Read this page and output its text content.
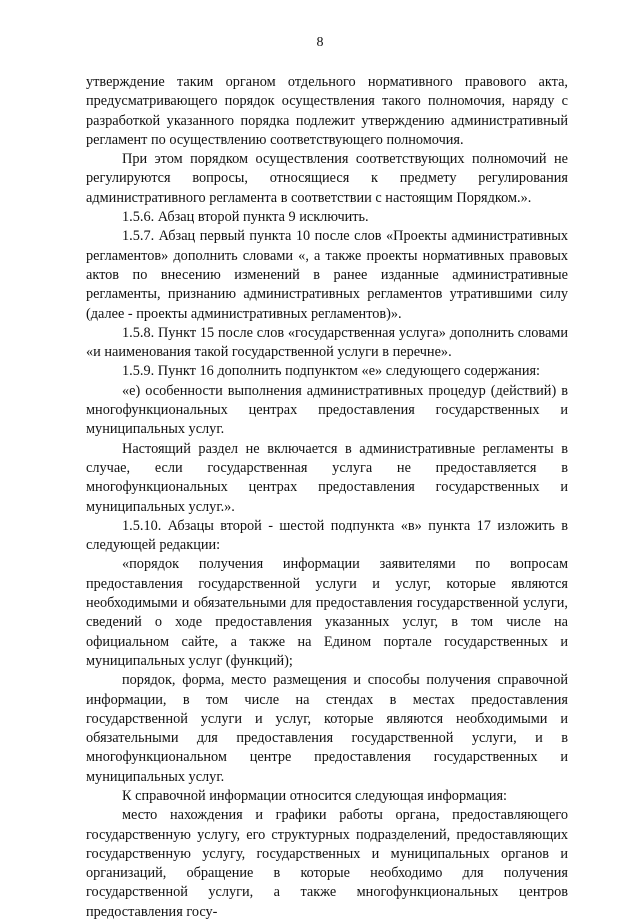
8

утверждение таким органом отдельного нормативного правового акта, предусматривающего порядок осуществления такого полномочия, наряду с разработкой указанного порядка подлежит утверждению административный регламент по осуществлению соответствующего полномочия.

При этом порядком осуществления соответствующих полномочий не регулируются вопросы, относящиеся к предмету регулирования административного регламента в соответствии с настоящим Порядком.».

1.5.6. Абзац второй пункта 9 исключить.

1.5.7. Абзац первый пункта 10 после слов «Проекты административных регламентов» дополнить словами «, а также проекты нормативных правовых актов по внесению изменений в ранее изданные административные регламенты, признанию административных регламентов утратившими силу (далее - проекты административных регламентов)».

1.5.8. Пункт 15 после слов «государственная услуга» дополнить словами «и наименования такой государственной услуги в перечне».

1.5.9. Пункт 16 дополнить подпунктом «е» следующего содержания:

«е) особенности выполнения административных процедур (действий) в многофункциональных центрах предоставления государственных и муниципальных услуг.

Настоящий раздел не включается в административные регламенты в случае, если государственная услуга не предоставляется в многофункциональных центрах предоставления государственных и муниципальных услуг.».

1.5.10. Абзацы второй - шестой подпункта «в» пункта 17 изложить в следующей редакции:

«порядок получения информации заявителями по вопросам предоставления государственной услуги и услуг, которые являются необходимыми и обязательными для предоставления государственной услуги, сведений о ходе предоставления указанных услуг, в том числе на официальном сайте, а также на Едином портале государственных и муниципальных услуг (функций);

порядок, форма, место размещения и способы получения справочной информации, в том числе на стендах в местах предоставления государственной услуги и услуг, которые являются необходимыми и обязательными для предоставления государственной услуги, и в многофункциональном центре предоставления государственных и муниципальных услуг.

К справочной информации относится следующая информация:

место нахождения и графики работы органа, предоставляющего государственную услугу, его структурных подразделений, предоставляющих государственную услугу, государственных и муниципальных органов и организаций, обращение в которые необходимо для получения государственной услуги, а также многофункциональных центров предоставления госу-
